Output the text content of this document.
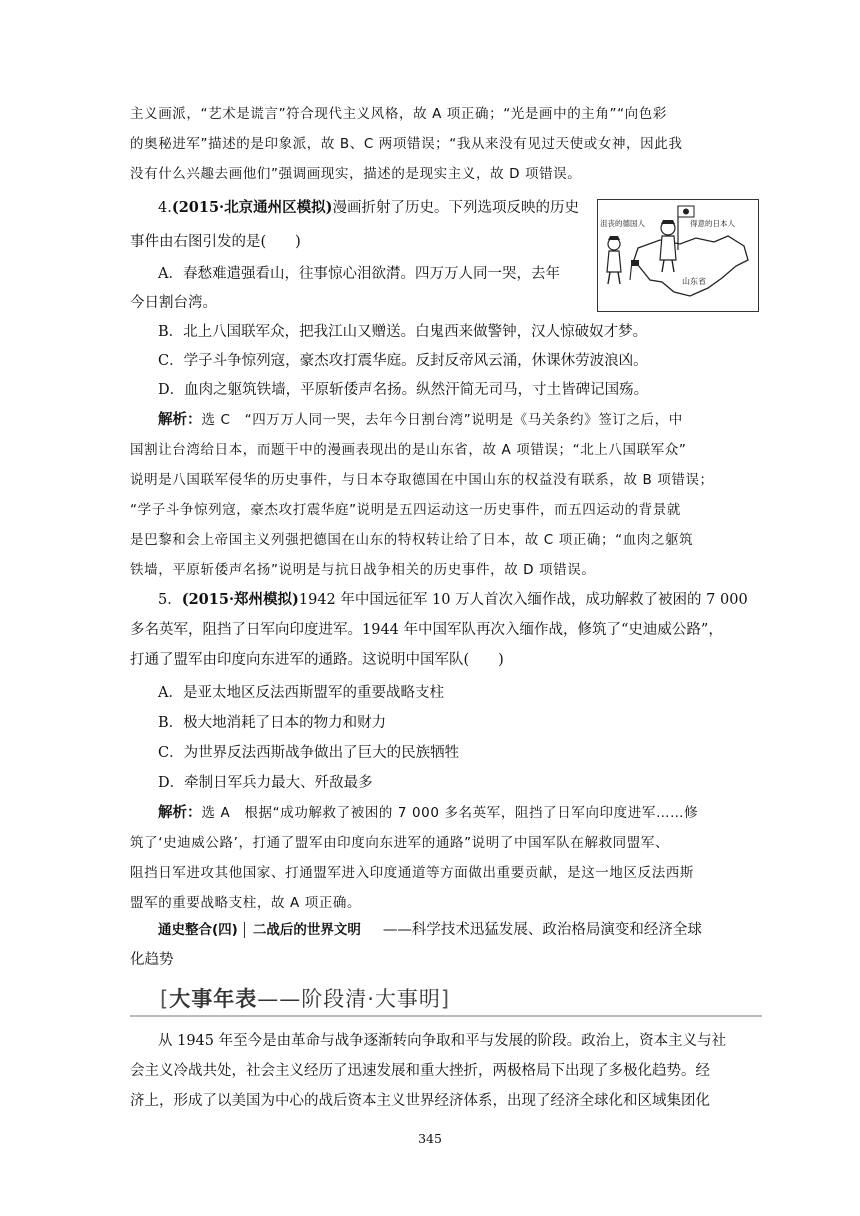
主义画派，“艺术是谎言”符合现代主义风格，故 A 项正确；“光是画中的主角”“向色彩
的奥秘进军”描述的是印象派，故 B、C 两项错误；“我从来没有见过天使或女神，因此我
没有什么兴趣去画他们”强调画现实，描述的是现实主义，故 D 项错误。
4.(2015·北京通州区模拟)漫画折射了历史。下列选项反映的历史
事件由右图引发的是(　　)
A．春愁难遣强看山，往事惊心泪欲潸。四万万人同一哭，去年
今日割台湾。
B．北上八国联军众，把我江山又赠送。白鬼西来做警钟，汉人惊破奴才梦。
C．学子斗争惊列寇，豪杰攻打震华庭。反封反帝风云涌，休课休劳波浪凶。
D．血肉之躯筑铁墙，平原斩倭声名扬。纵然汗简无司马，寸土皆碑记国殇。
解析：选 C　“四万万人同一哭，去年今日割台湾”说明是《马关条约》签订之后，中
国割让台湾给日本，而题干中的漫画表现出的是山东省，故 A 项错误；“北上八国联军众”
说明是八国联军侵华的历史事件，与日本夺取德国在中国山东的权益没有联系，故 B 项错误；
“学子斗争惊列寇，豪杰攻打震华庭”说明是五四运动这一历史事件，而五四运动的背景就
是巴黎和会上帝国主义列强把德国在山东的特权转让给了日本，故 C 项正确；“血肉之躯筑
铁墙，平原斩倭声名扬”说明是与抗日战争相关的历史事件，故 D 项错误。
沮丧的德国人	得意的日本人
山东省
5．(2015·郑州模拟)1942 年中国远征军 10 万人首次入缅作战，成功解救了被困的 7 000
多名英军，阻挡了日军向印度进军。1944 年中国军队再次入缅作战，修筑了“史迪威公路”，
打通了盟军由印度向东进军的通路。这说明中国军队(　　)
A．是亚太地区反法西斯盟军的重要战略支柱
B．极大地消耗了日本的物力和财力
C．为世界反法西斯战争做出了巨大的民族牺牲
D．牵制日军兵力最大、歼敌最多
解析：选 A　根据“成功解救了被困的 7 000 多名英军，阻挡了日军向印度进军……修
筑了‘史迪威公路’，打通了盟军由印度向东进军的通路”说明了中国军队在解救同盟军、
阻挡日军进攻其他国家、打通盟军进入印度通道等方面做出重要贡献，是这一地区反法西斯
盟军的重要战略支柱，故 A 项正确。
通史整合(四) 二战后的世界文明 ——科学技术迅猛发展、政治格局演变和经济全球
化趋势
[大事年表——阶段清·大事明]
从 1945 年至今是由革命与战争逐渐转向争取和平与发展的阶段。政治上，资本主义与社
会主义冷战共处，社会主义经历了迅速发展和重大挫折，两极格局下出现了多极化趋势。经
济上，形成了以美国为中心的战后资本主义世界经济体系，出现了经济全球化和区域集团化
345
